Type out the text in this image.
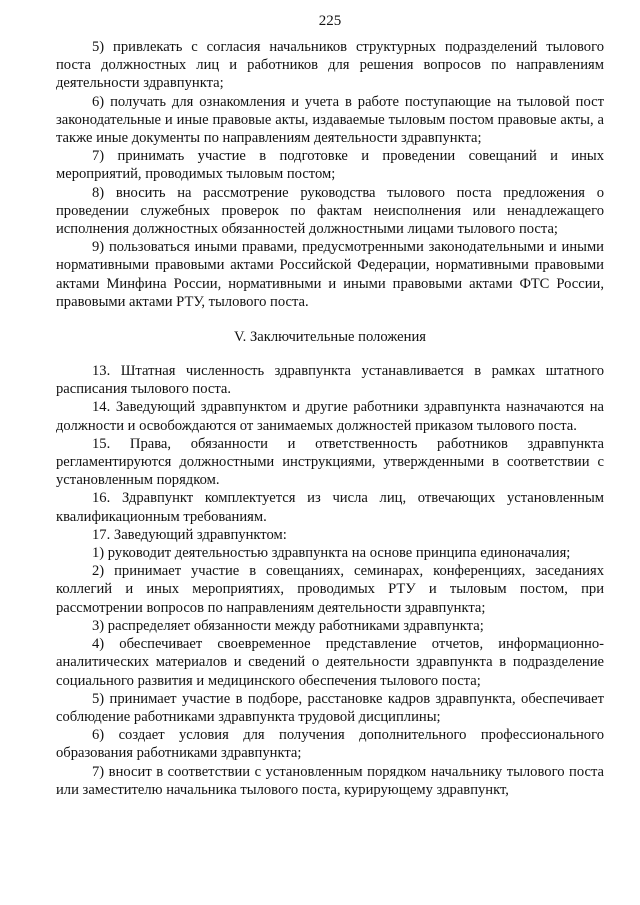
225

5) привлекать с согласия начальников структурных подразделений тылового поста должностных лиц и работников для решения вопросов по направлениям деятельности здравпункта;

6) получать для ознакомления и учета в работе поступающие на тыловой пост законодательные и иные правовые акты, издаваемые тыловым постом правовые акты, а также иные документы по направлениям деятельности здравпункта;

7) принимать участие в подготовке и проведении совещаний и иных мероприятий, проводимых тыловым постом;

8) вносить на рассмотрение руководства тылового поста предложения о проведении служебных проверок по фактам неисполнения или ненадлежащего исполнения должностных обязанностей должностными лицами тылового поста;

9) пользоваться иными правами, предусмотренными законодательными и иными нормативными правовыми актами Российской Федерации, нормативными правовыми актами Минфина России, нормативными и иными правовыми актами ФТС России, правовыми актами РТУ, тылового поста.

V. Заключительные положения

13. Штатная численность здравпункта устанавливается в рамках штатного расписания тылового поста.

14. Заведующий здравпунктом и другие работники здравпункта назначаются на должности и освобождаются от занимаемых должностей приказом тылового поста.

15. Права, обязанности и ответственность работников здравпункта регламентируются должностными инструкциями, утвержденными в соответствии с установленным порядком.

16. Здравпункт комплектуется из числа лиц, отвечающих установленным квалификационным требованиям.

17. Заведующий здравпунктом:

1) руководит деятельностью здравпункта на основе принципа единоначалия;

2) принимает участие в совещаниях, семинарах, конференциях, заседаниях коллегий и иных мероприятиях, проводимых РТУ и тыловым постом, при рассмотрении вопросов по направлениям деятельности здравпункта;

3) распределяет обязанности между работниками здравпункта;

4) обеспечивает своевременное представление отчетов, информационно-аналитических материалов и сведений о деятельности здравпункта в подразделение социального развития и медицинского обеспечения тылового поста;

5) принимает участие в подборе, расстановке кадров здравпункта, обеспечивает соблюдение работниками здравпункта трудовой дисциплины;

6) создает условия для получения дополнительного профессионального образования работниками здравпункта;

7) вносит в соответствии с установленным порядком начальнику тылового поста или заместителю начальника тылового поста, курирующему здравпункт,
